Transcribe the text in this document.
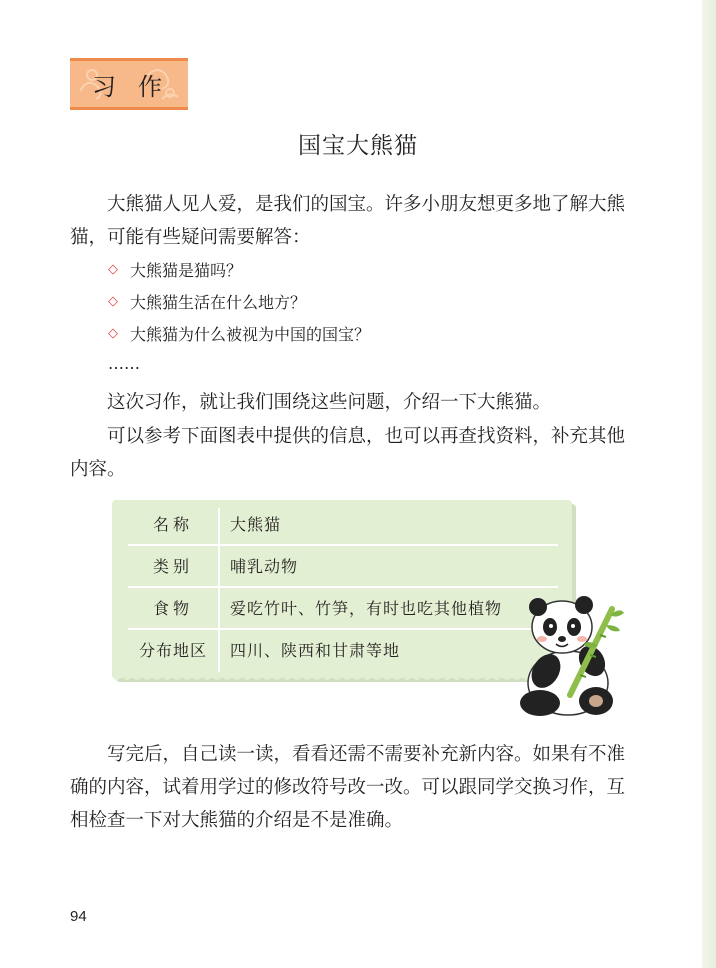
习作
国宝大熊猫
大熊猫人见人爱，是我们的国宝。许多小朋友想更多地了解大熊猫，可能有些疑问需要解答：
◇ 大熊猫是猫吗？
◇ 大熊猫生活在什么地方？
◇ 大熊猫为什么被视为中国的国宝？
……
这次习作，就让我们围绕这些问题，介绍一下大熊猫。
可以参考下面图表中提供的信息，也可以再查找资料，补充其他内容。
名称	大熊猫
类别	哺乳动物
食物	爱吃竹叶、竹笋，有时也吃其他植物
分布地区	四川、陕西和甘肃等地
写完后，自己读一读，看看还需不需要补充新内容。如果有不准确的内容，试着用学过的修改符号改一改。可以跟同学交换习作，互相检查一下对大熊猫的介绍是不是准确。
94
